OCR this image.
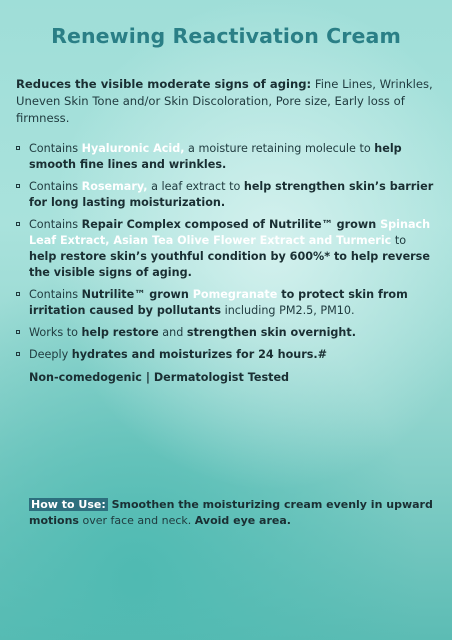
Renewing Reactivation Cream

Reduces the visible moderate signs of aging: Fine Lines, Wrinkles, Uneven Skin Tone and/or Skin Discoloration, Pore size, Early loss of firmness.

Contains Hyaluronic Acid, a moisture retaining molecule to help smooth fine lines and wrinkles.
Contains Rosemary, a leaf extract to help strengthen skin’s barrier for long lasting moisturization.
Contains Repair Complex composed of Nutrilite™ grown Spinach Leaf Extract, Asian Tea Olive Flower Extract and Turmeric to help restore skin’s youthful condition by 600%* to help reverse the visible signs of aging.
Contains Nutrilite™ grown Pomegranate to protect skin from irritation caused by pollutants including PM2.5, PM10.
Works to help restore and strengthen skin overnight.
Deeply hydrates and moisturizes for 24 hours.#

Non-comedogenic | Dermatologist Tested

How to Use: Smoothen the moisturizing cream evenly in upward motions over face and neck. Avoid eye area.
